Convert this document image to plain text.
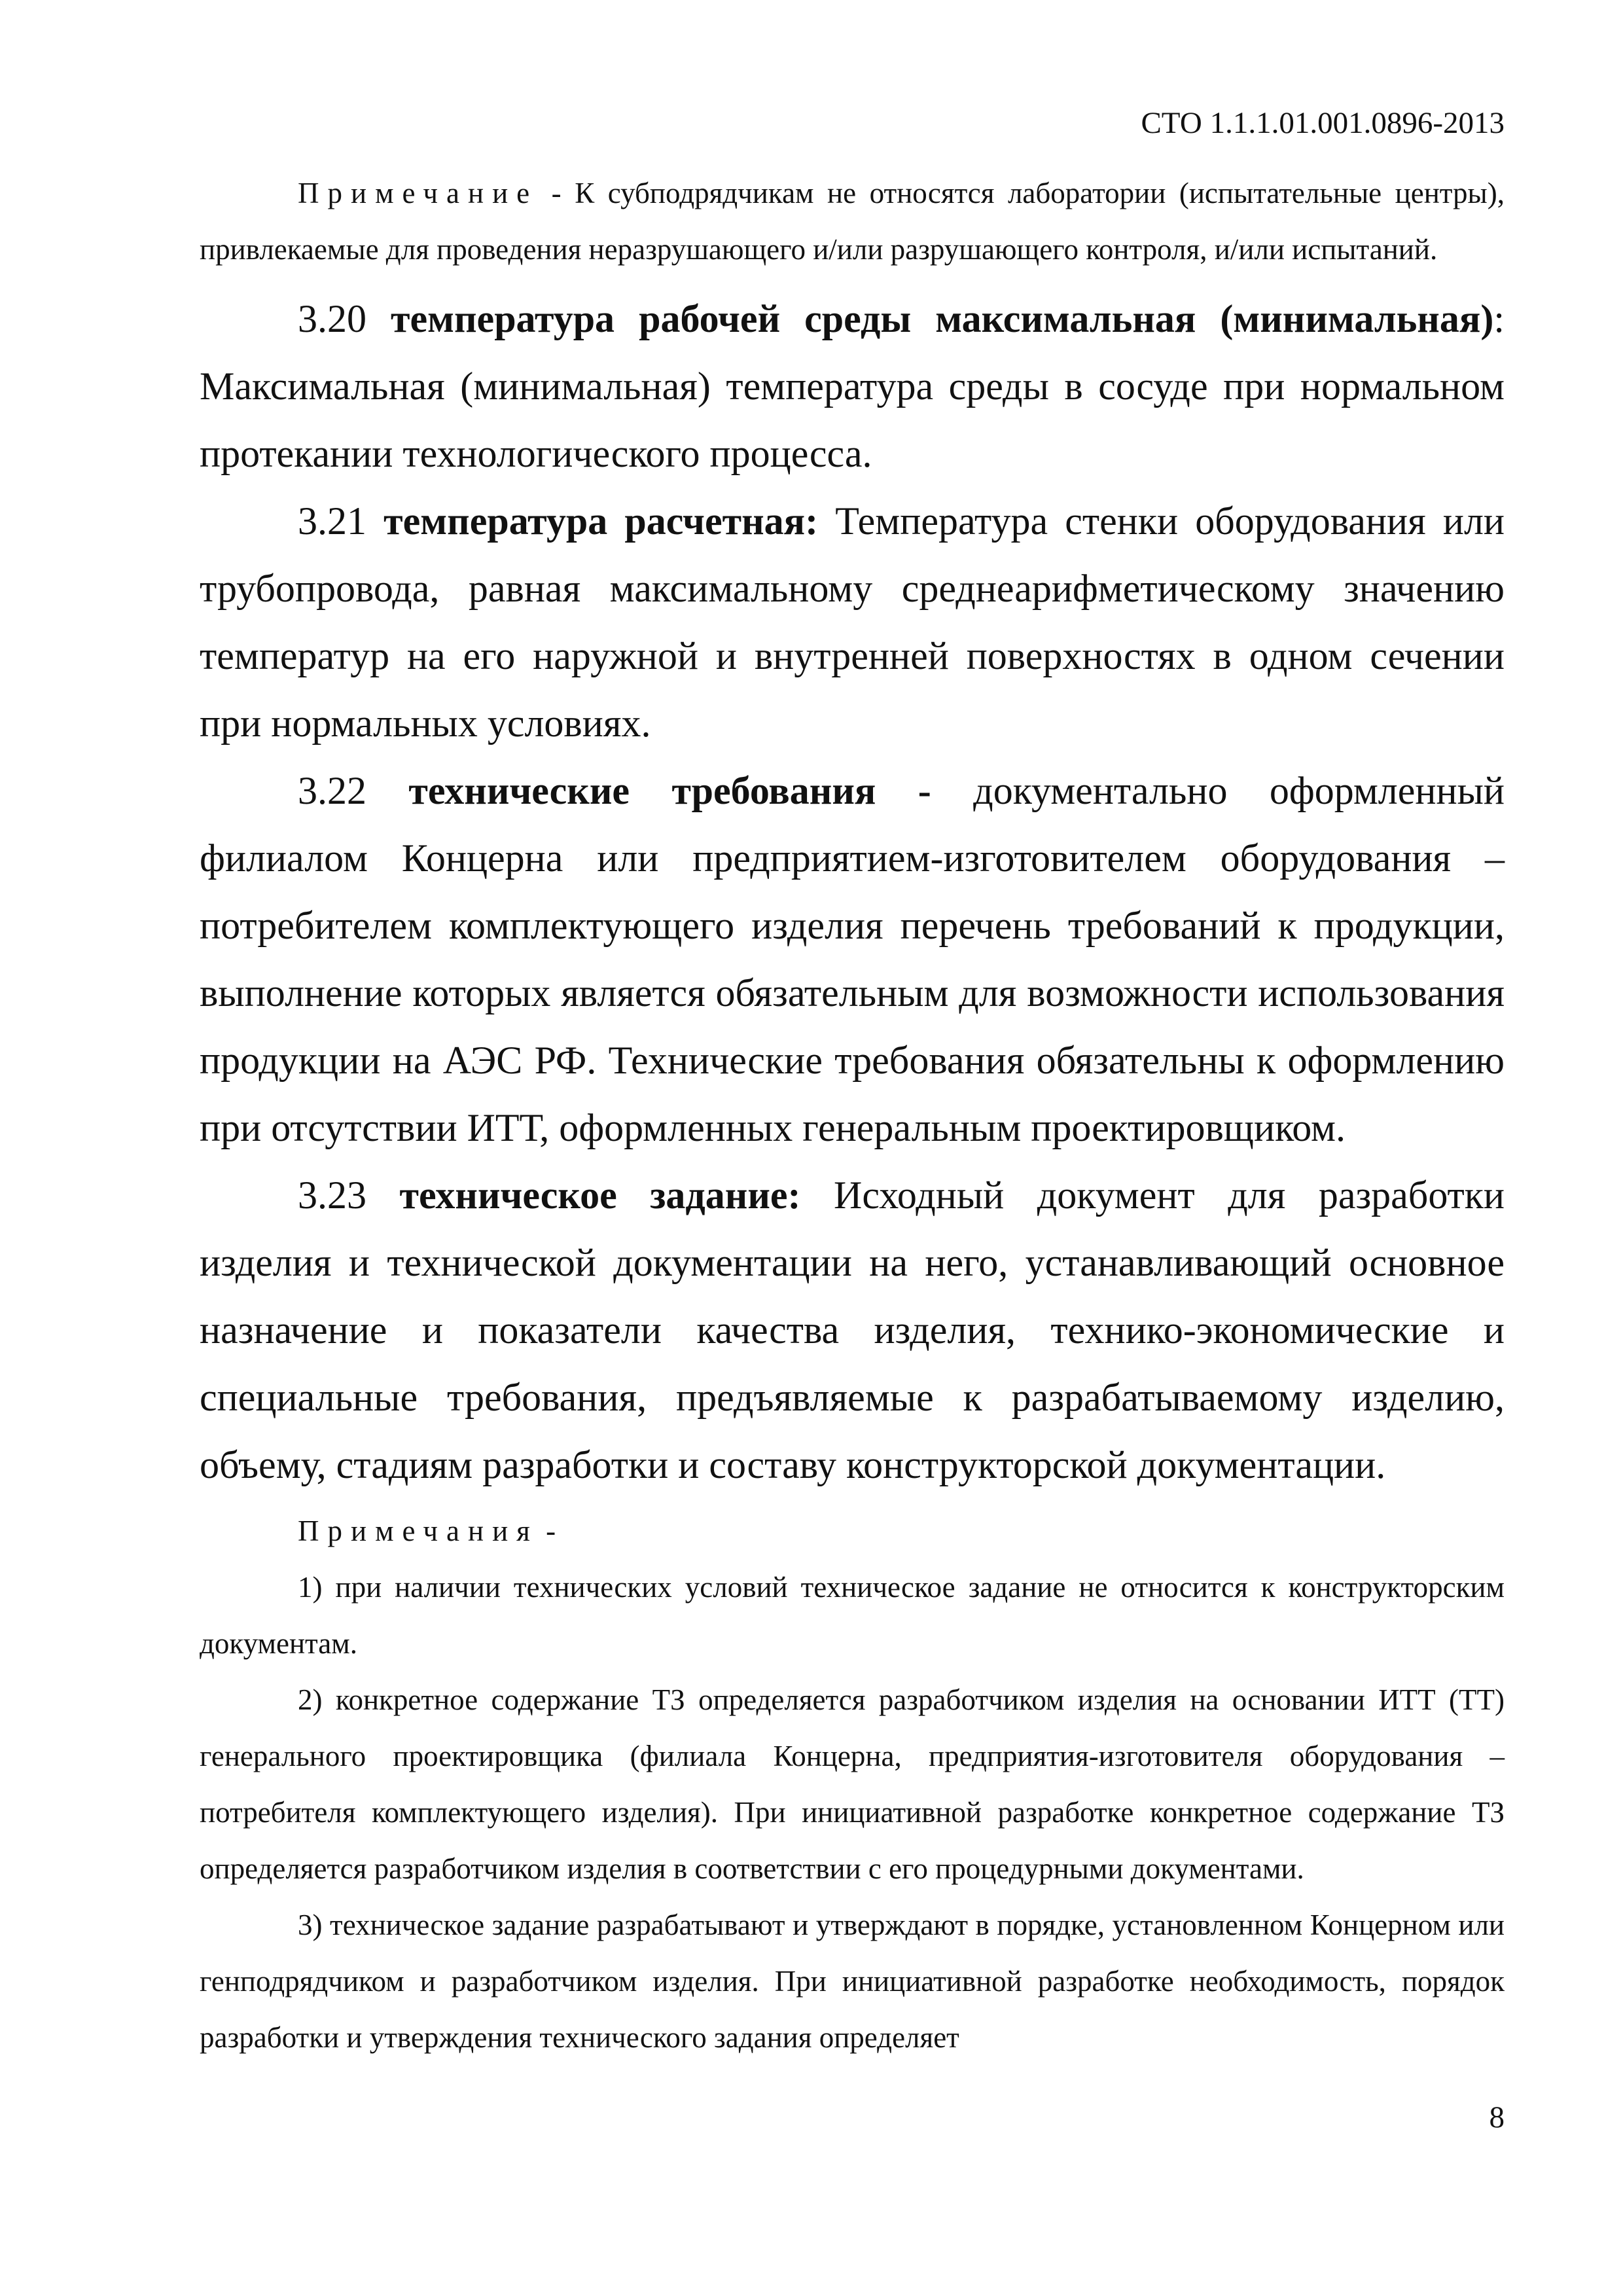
СТО 1.1.1.01.001.0896-2013

Примечание - К субподрядчикам не относятся лаборатории (испытательные центры), привлекаемые для проведения неразрушающего и/или разрушающего контроля, и/или испытаний.

3.20 температура рабочей среды максимальная (минимальная): Максимальная (минимальная) температура среды в сосуде при нормальном протекании технологического процесса.

3.21 температура расчетная: Температура стенки оборудования или трубопровода, равная максимальному среднеарифметическому значению температур на его наружной и внутренней поверхностях в одном сечении при нормальных условиях.

3.22 технические требования - документально оформленный филиалом Концерна или предприятием-изготовителем оборудования – потребителем комплектующего изделия перечень требований к продукции, выполнение которых является обязательным для возможности использования продукции на АЭС РФ. Технические требования обязательны к оформлению при отсутствии ИТТ, оформленных генеральным проектировщиком.

3.23 техническое задание: Исходный документ для разработки изделия и технической документации на него, устанавливающий основное назначение и показатели качества изделия, технико-экономические и специальные требования, предъявляемые к разрабатываемому изделию, объему, стадиям разработки и составу конструкторской документации.

Примечания -

1) при наличии технических условий техническое задание не относится к конструкторским документам.

2) конкретное содержание ТЗ определяется разработчиком изделия на основании ИТТ (ТТ) генерального проектировщика (филиала Концерна, предприятия-изготовителя оборудования – потребителя комплектующего изделия). При инициативной разработке конкретное содержание ТЗ определяется разработчиком изделия в соответствии с его процедурными документами.

3) техническое задание разрабатывают и утверждают в порядке, установленном Концерном или генподрядчиком и разработчиком изделия. При инициативной разработке необходимость, порядок разработки и утверждения технического задания определяет

8
